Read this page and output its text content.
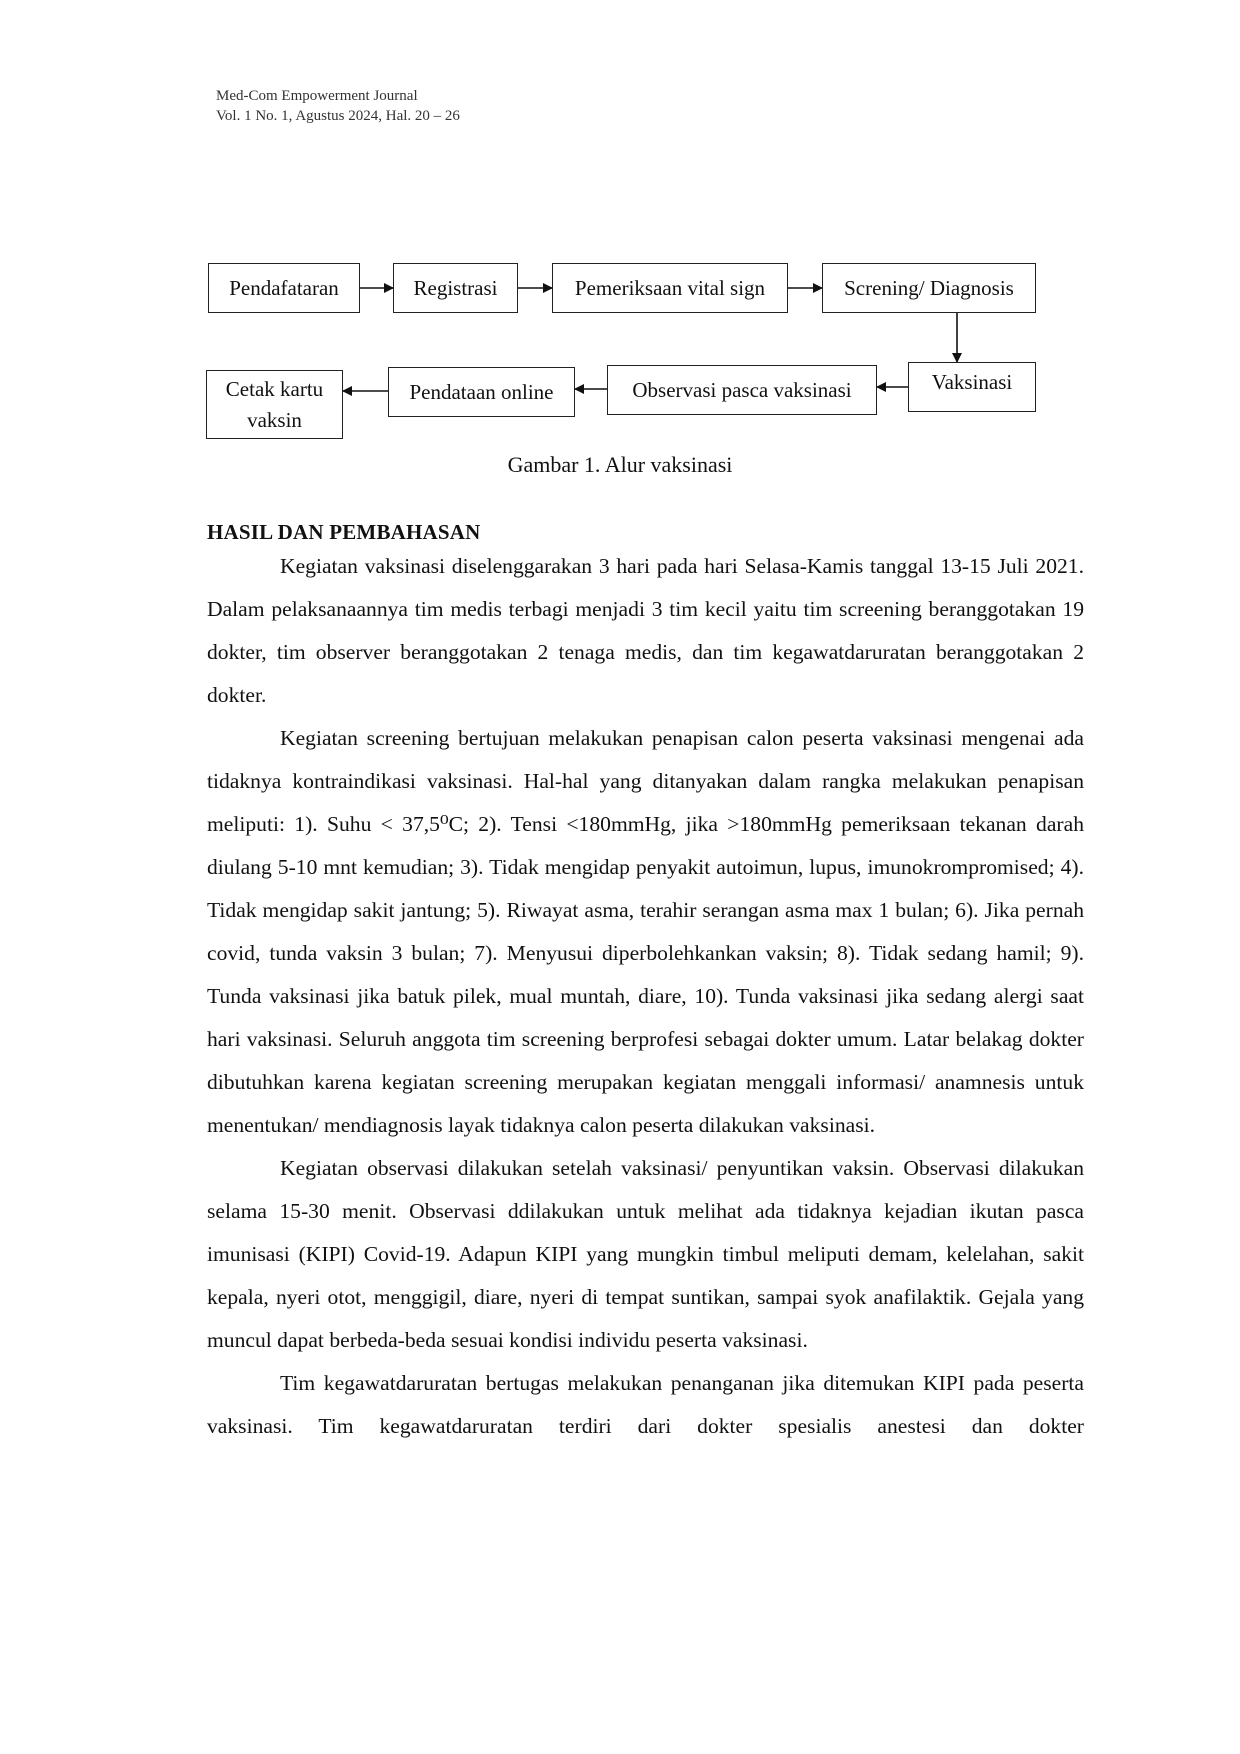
Med-Com Empowerment Journal
Vol. 1 No. 1, Agustus 2024, Hal. 20 – 26
Pendafataran	Registrasi	Pemeriksaan vital sign	Screning/ Diagnosis
Vaksinasi
Observasi pasca vaksinasi
Pendataan online
Cetak kartu vaksin
Gambar 1. Alur vaksinasi
HASIL DAN PEMBAHASAN

Kegiatan vaksinasi diselenggarakan 3 hari pada hari Selasa-Kamis tanggal 13-15 Juli 2021. Dalam pelaksanaannya tim medis terbagi menjadi 3 tim kecil yaitu tim screening beranggotakan 19 dokter, tim observer beranggotakan 2 tenaga medis, dan tim kegawatdaruratan beranggotakan 2 dokter.

Kegiatan screening bertujuan melakukan penapisan calon peserta vaksinasi mengenai ada tidaknya kontraindikasi vaksinasi. Hal-hal yang ditanyakan dalam rangka melakukan penapisan meliputi: 1). Suhu < 37,5⁰C; 2). Tensi <180mmHg, jika >180mmHg pemeriksaan tekanan darah diulang 5-10 mnt kemudian; 3). Tidak mengidap penyakit autoimun, lupus, imunokrompromised; 4). Tidak mengidap sakit jantung; 5). Riwayat asma, terahir serangan asma max 1 bulan; 6). Jika pernah covid, tunda vaksin 3 bulan; 7). Menyusui diperbolehkankan vaksin; 8). Tidak sedang hamil; 9). Tunda vaksinasi jika batuk pilek, mual muntah, diare, 10). Tunda vaksinasi jika sedang alergi saat hari vaksinasi. Seluruh anggota tim screening berprofesi sebagai dokter umum. Latar belakag dokter dibutuhkan karena kegiatan screening merupakan kegiatan menggali informasi/ anamnesis untuk menentukan/ mendiagnosis layak tidaknya calon peserta dilakukan vaksinasi.

Kegiatan observasi dilakukan setelah vaksinasi/ penyuntikan vaksin. Observasi dilakukan selama 15-30 menit. Observasi ddilakukan untuk melihat ada tidaknya kejadian ikutan pasca imunisasi (KIPI) Covid-19. Adapun KIPI yang mungkin timbul meliputi demam, kelelahan, sakit kepala, nyeri otot, menggigil, diare, nyeri di tempat suntikan, sampai syok anafilaktik. Gejala yang muncul dapat berbeda-beda sesuai kondisi individu peserta vaksinasi.

Tim kegawatdaruratan bertugas melakukan penanganan jika ditemukan KIPI pada peserta vaksinasi. Tim kegawatdaruratan terdiri dari dokter spesialis anestesi dan dokter
